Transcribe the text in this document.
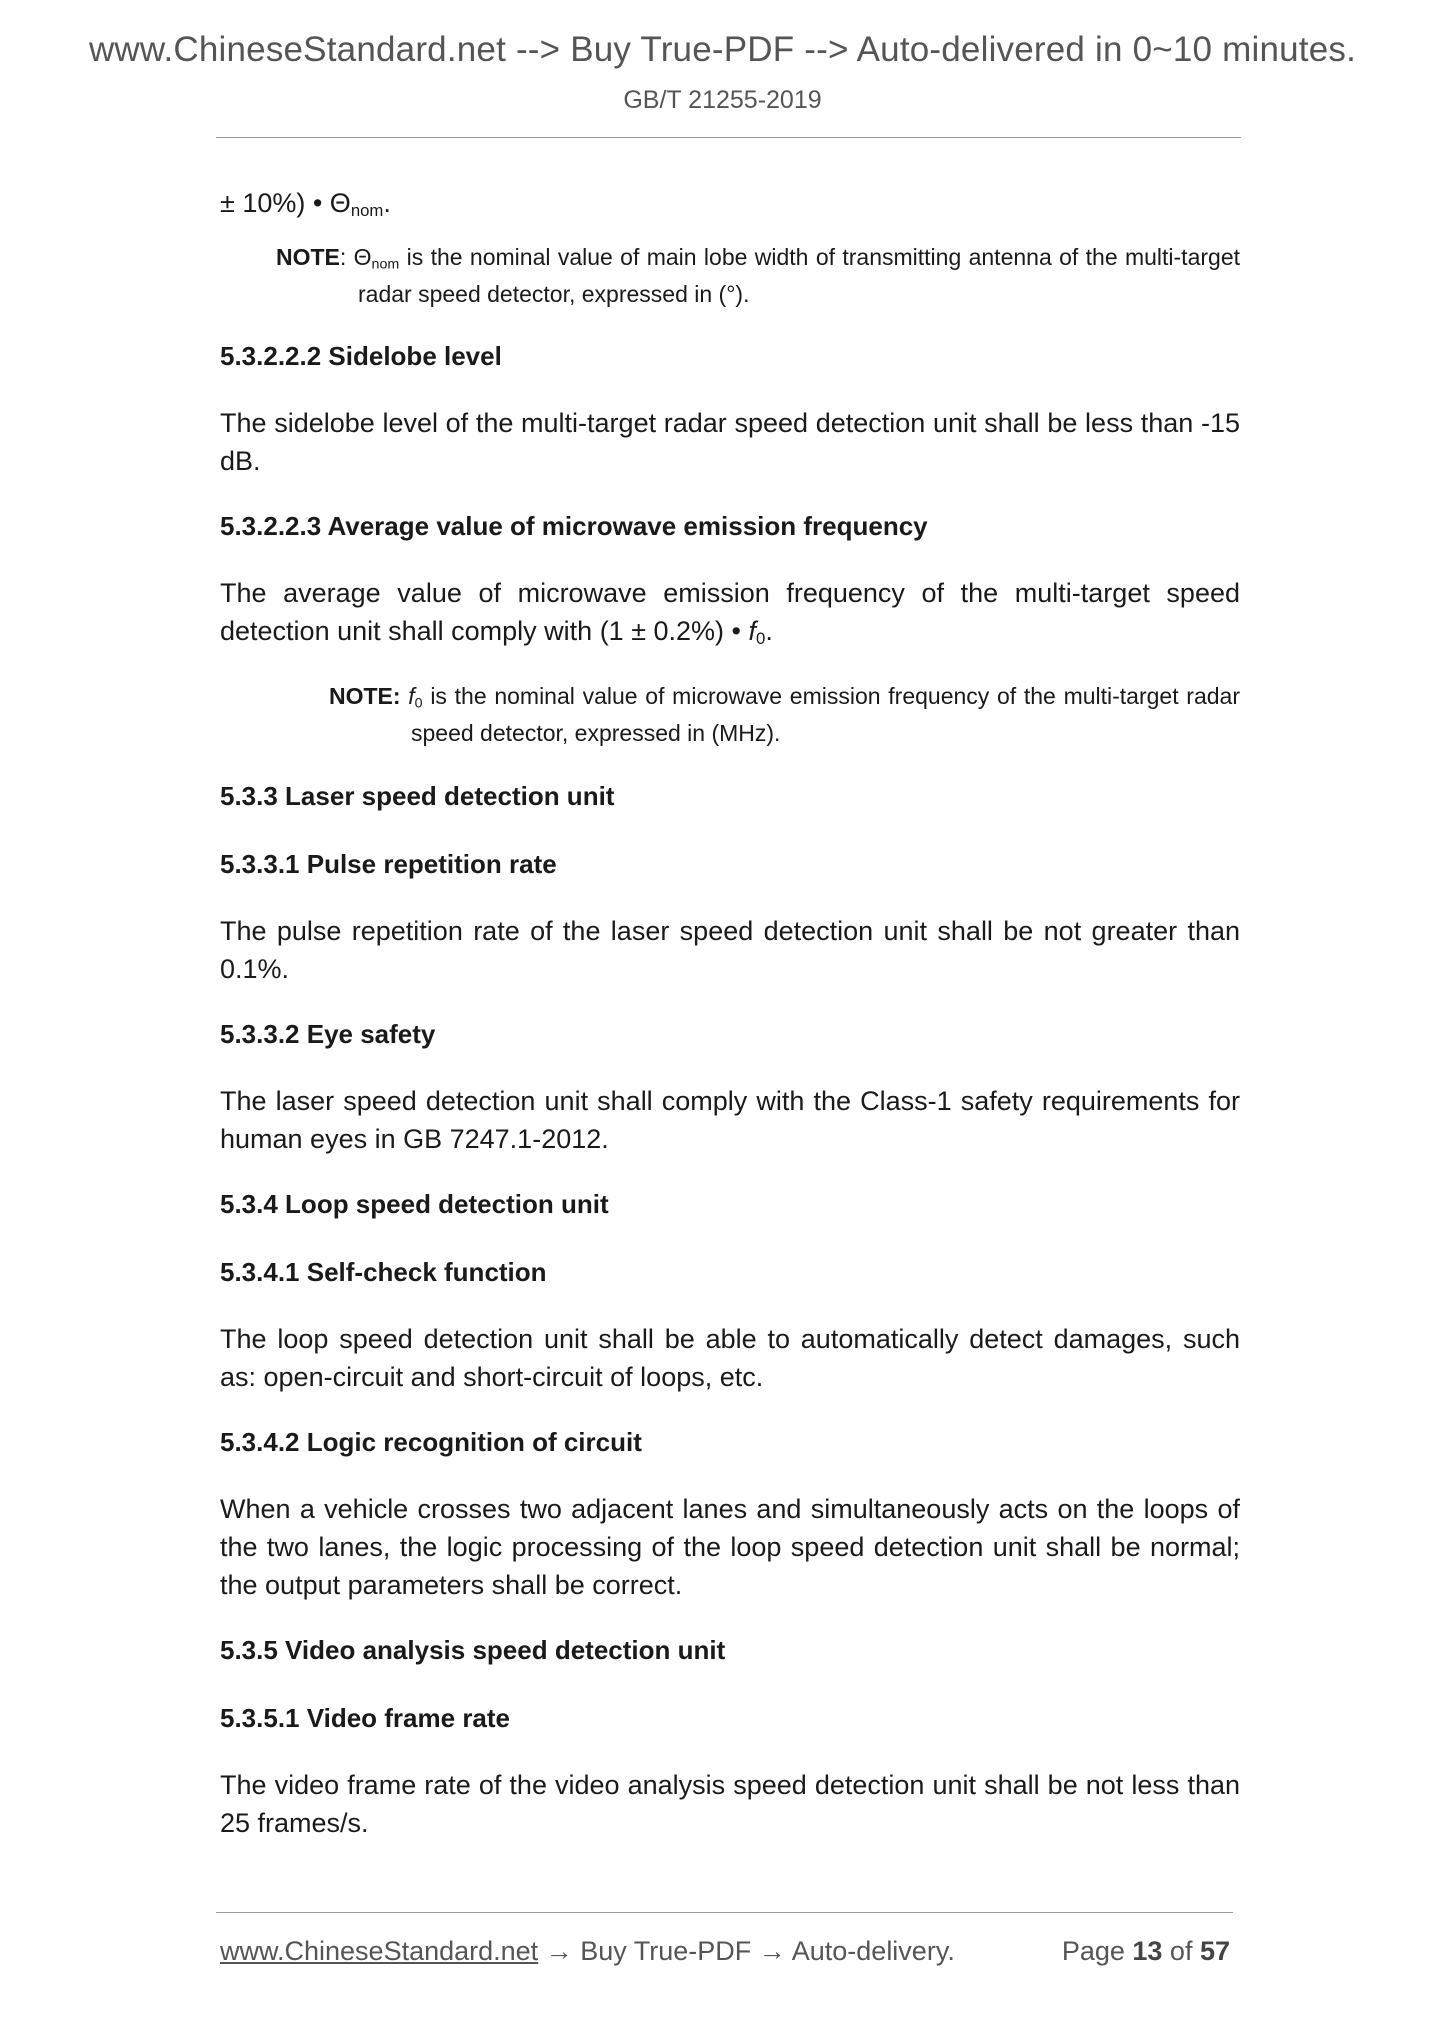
www.ChineseStandard.net --> Buy True-PDF --> Auto-delivered in 0~10 minutes.
GB/T 21255-2019
± 10%) • $\Theta_{nom}$.

NOTE: $\Theta_{nom}$ is the nominal value of main lobe width of transmitting antenna of the multi-target radar speed detector, expressed in (°).

5.3.2.2.2 Sidelobe level

The sidelobe level of the multi-target radar speed detection unit shall be less than -15 dB.

5.3.2.2.3 Average value of microwave emission frequency

The average value of microwave emission frequency of the multi-target speed detection unit shall comply with (1 ± 0.2%) • $f_0$.

NOTE: $f_0$ is the nominal value of microwave emission frequency of the multi-target radar speed detector, expressed in (MHz).

5.3.3 Laser speed detection unit

5.3.3.1 Pulse repetition rate

The pulse repetition rate of the laser speed detection unit shall be not greater than 0.1%.

5.3.3.2 Eye safety

The laser speed detection unit shall comply with the Class-1 safety requirements for human eyes in GB 7247.1-2012.

5.3.4 Loop speed detection unit

5.3.4.1 Self-check function

The loop speed detection unit shall be able to automatically detect damages, such as: open-circuit and short-circuit of loops, etc.

5.3.4.2 Logic recognition of circuit

When a vehicle crosses two adjacent lanes and simultaneously acts on the loops of the two lanes, the logic processing of the loop speed detection unit shall be normal; the output parameters shall be correct.

5.3.5 Video analysis speed detection unit

5.3.5.1 Video frame rate

The video frame rate of the video analysis speed detection unit shall be not less than 25 frames/s.

www.ChineseStandard.net → Buy True-PDF → Auto-delivery.	Page 13 of 57
